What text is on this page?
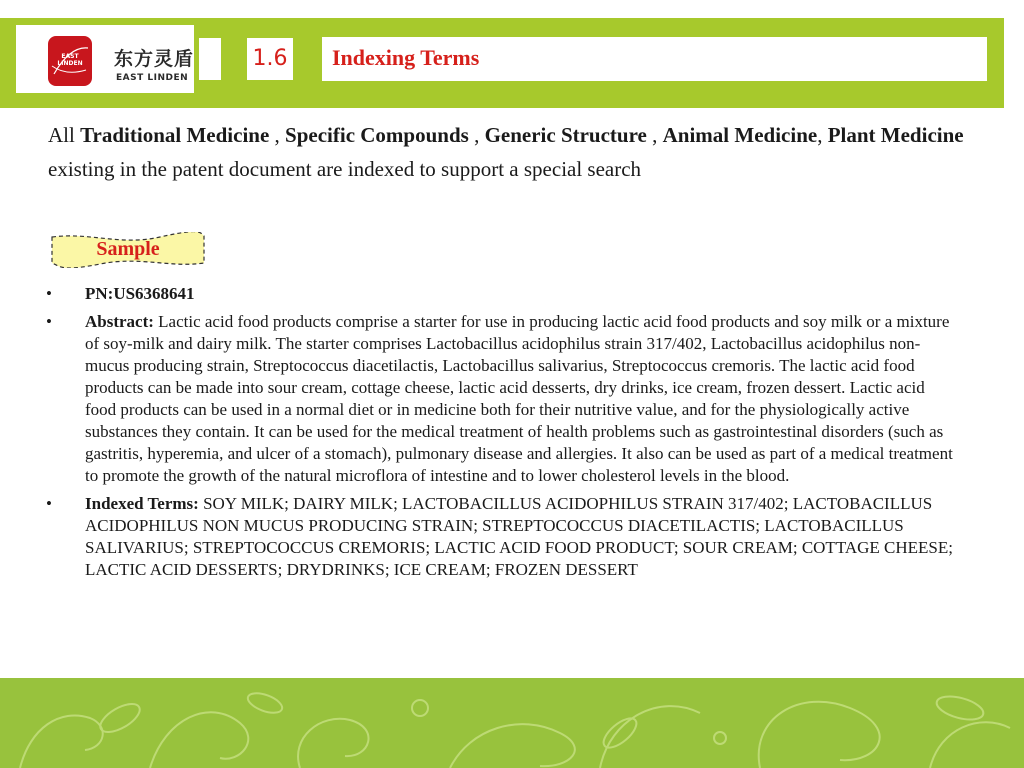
EAST
LINDEN 东方灵盾
EAST LINDEN
1.6 Indexing Terms
All Traditional Medicine , Specific Compounds , Generic Structure , Animal Medicine, Plant Medicine existing in the patent document are indexed to support a special search
Sample
• PN:US6368641
• Abstract: Lactic acid food products comprise a starter for use in producing lactic acid food products and soy milk or a mixture of soy-milk and dairy milk. The starter comprises Lactobacillus acidophilus strain 317/402, Lactobacillus acidophilus non-mucus producing strain, Streptococcus diacetilactis, Lactobacillus salivarius, Streptococcus cremoris. The lactic acid food products can be made into sour cream, cottage cheese, lactic acid desserts, dry drinks, ice cream, frozen dessert. Lactic acid food products can be used in a normal diet or in medicine both for their nutritive value, and for the physiologically active substances they contain. It can be used for the medical treatment of health problems such as gastrointestinal disorders (such as gastritis, hyperemia, and ulcer of a stomach), pulmonary disease and allergies. It also can be used as part of a medical treatment to promote the growth of the natural microflora of intestine and to lower cholesterol levels in the blood.
• Indexed Terms: SOY MILK; DAIRY MILK; LACTOBACILLUS ACIDOPHILUS STRAIN 317/402; LACTOBACILLUS ACIDOPHILUS NON MUCUS PRODUCING STRAIN; STREPTOCOCCUS DIACETILACTIS; LACTOBACILLUS SALIVARIUS; STREPTOCOCCUS CREMORIS; LACTIC ACID FOOD PRODUCT; SOUR CREAM; COTTAGE CHEESE; LACTIC ACID DESSERTS; DRYDRINKS; ICE CREAM; FROZEN DESSERT
